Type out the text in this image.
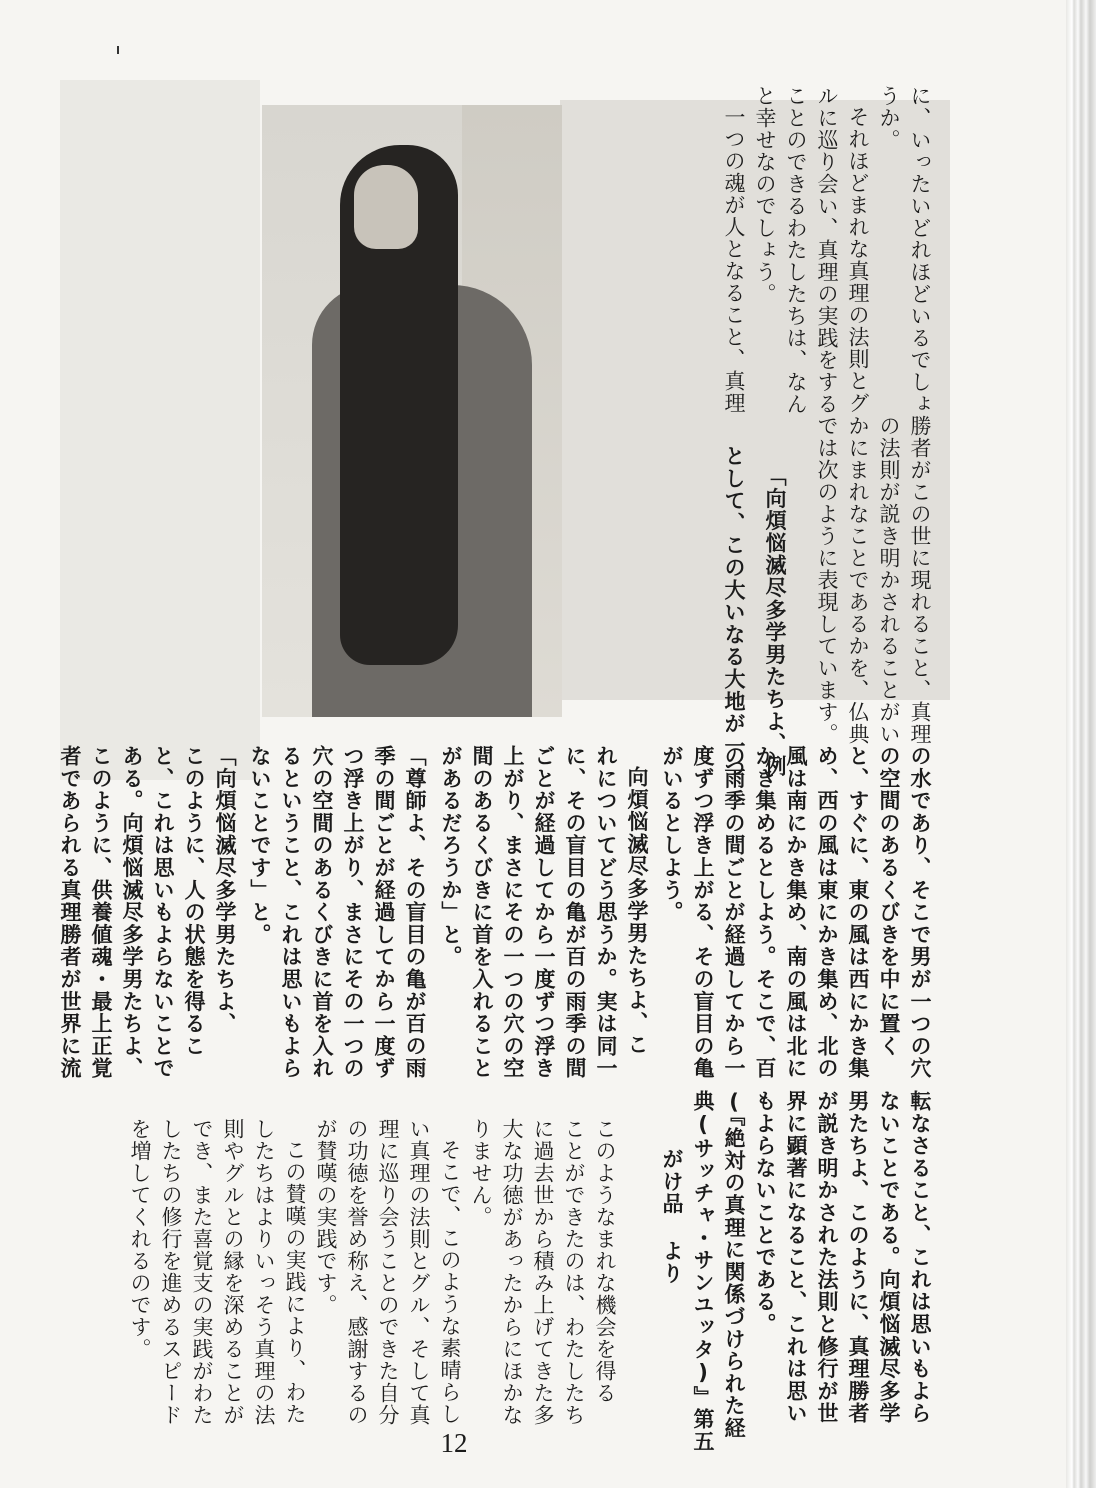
に、いったいどれほどいるでしょ

うか。

それほどまれな真理の法則とグ

ルに巡り会い、真理の実践をする

ことのできるわたしたちは、なん

と幸せなのでしょう。

一つの魂が人となること、真理

勝者がこの世に現れること、真理

の法則が説き明かされることがい

かにまれなことであるかを、仏典

では次のように表現しています。

「向煩悩滅尽多学男たちよ、例

として、この大いなる大地が一つ

の水であり、そこで男が一つの穴

の空間のあるくびきを中に置く

と、すぐに、東の風は西にかき集

め、西の風は東にかき集め、北の

風は南にかき集め、南の風は北に

かき集めるとしよう。そこで、百

の雨季の間ごとが経過してから一

度ずつ浮き上がる、その盲目の亀

がいるとしよう。

向煩悩滅尽多学男たちよ、こ

れについてどう思うか。実は同一

に、その盲目の亀が百の雨季の間

ごとが経過してから一度ずつ浮き

上がり、まさにその一つの穴の空

間のあるくびきに首を入れること

があるだろうか」と。

「尊師よ、その盲目の亀が百の雨

季の間ごとが経過してから一度ず

つ浮き上がり、まさにその一つの

穴の空間のあるくびきに首を入れ

るということ、これは思いもよら

ないことです」と。

「向煩悩滅尽多学男たちよ、

このように、人の状態を得るこ

と、これは思いもよらないことで

ある。向煩悩滅尽多学男たちよ、

このように、供養値魂・最上正覚

者であられる真理勝者が世界に流

転なさること、これは思いもよら

ないことである。向煩悩滅尽多学

男たちよ、このように、真理勝者

が説き明かされた法則と修行が世

界に顕著になること、これは思い

もよらないことである。

(『絶対の真理に関係づけられた経

典(サッチャ・サンユッタ)』第五

がけ品 より

このようなまれな機会を得る

ことができたのは、わたしたち

に過去世から積み上げてきた多

大な功徳があったからにほかな

りません。

そこで、このような素晴らし

い真理の法則とグル、そして真

理に巡り会うことのできた自分

の功徳を誉め称え、感謝するの

が賛嘆の実践です。

この賛嘆の実践により、わた

したちはよりいっそう真理の法

則やグルとの縁を深めることが

でき、また喜覚支の実践がわた

したちの修行を進めるスピード

を増してくれるのです。

12
